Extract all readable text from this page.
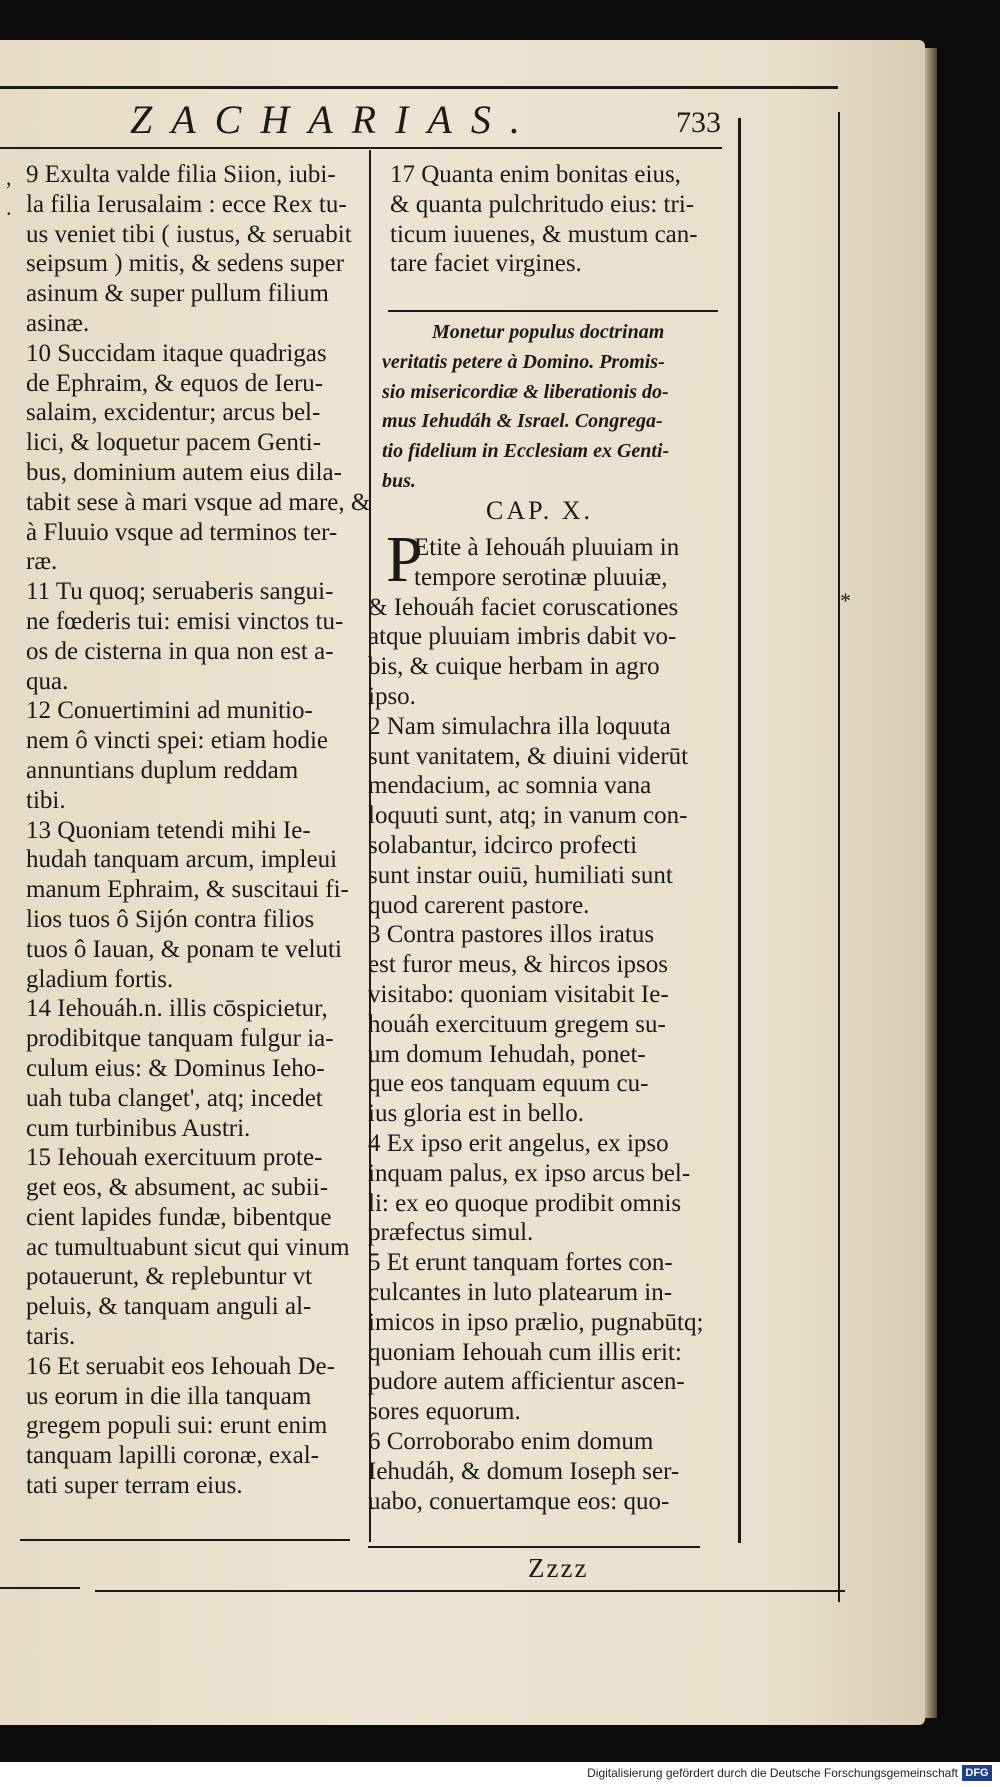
ZACHARIAS.	733
,
.
*
9 Exulta valde filia Siion, iubi-
la filia Ierusalaim : ecce Rex tu-
us veniet tibi ( iustus, & seruabit
seipsum ) mitis, & sedens super
asinum & super pullum filium
asinæ.
10 Succidam itaque quadrigas
de Ephraim, & equos de Ieru-
salaim, excidentur; arcus bel-
lici, & loquetur pacem Genti-
bus, dominium autem eius dila-
tabit sese à mari vsque ad mare, &
à Fluuio vsque ad terminos ter-
ræ.
11 Tu quoq; seruaberis sangui-
ne fœderis tui: emisi vinctos tu-
os de cisterna in qua non est a-
qua.
12 Conuertimini ad munitio-
nem ô vincti spei: etiam hodie
annuntians duplum reddam
tibi.
13 Quoniam tetendi mihi Ie-
hudah tanquam arcum, impleui
manum Ephraim, & suscitaui fi-
lios tuos ô Sijón contra filios
tuos ô Iauan, & ponam te veluti
gladium fortis.
14 Iehouáh.n. illis cōspicietur,
prodibitque tanquam fulgur ia-
culum eius: & Dominus Ieho-
uah tuba clanget', atq; incedet
cum turbinibus Austri.
15 Iehouah exercituum prote-
get eos, & absument, ac subii-
cient lapides fundæ, bibentque
ac tumultuabunt sicut qui vinum
potauerunt, & replebuntur vt
peluis, & tanquam anguli al-
taris.
16 Et seruabit eos Iehouah De-
us eorum in die illa tanquam
gregem populi sui: erunt enim
tanquam lapilli coronæ, exal-
tati super terram eius.
17 Quanta enim bonitas eius,
& quanta pulchritudo eius: tri-
ticum iuuenes, & mustum can-
tare faciet virgines.
Monetur populus doctrinam
veritatis petere à Domino. Promis-
sio misericordiæ & liberationis do-
mus Iehudáh & Israel. Congrega-
tio fidelium in Ecclesiam ex Genti-
bus.
CAP. X.
P
Etite à Iehouáh pluuiam in
tempore serotinæ pluuiæ,
& Iehouáh faciet coruscationes
atque pluuiam imbris dabit vo-
bis, & cuique herbam in agro
ipso.
2 Nam simulachra illa loquuta
sunt vanitatem, & diuini viderūt
mendacium, ac somnia vana
loquuti sunt, atq; in vanum con-
solabantur, idcirco profecti
sunt instar ouiū, humiliati sunt
quod carerent pastore.
3 Contra pastores illos iratus
est furor meus, & hircos ipsos
visitabo: quoniam visitabit Ie-
houáh exercituum gregem su-
um domum Iehudah, ponet-
que eos tanquam equum cu-
ius gloria est in bello.
4 Ex ipso erit angelus, ex ipso
inquam palus, ex ipso arcus bel-
li: ex eo quoque prodibit omnis
præfectus simul.
5 Et erunt tanquam fortes con-
culcantes in luto platearum in-
imicos in ipso prælio, pugnabūtq;
quoniam Iehouah cum illis erit:
pudore autem afficientur ascen-
sores equorum.
6 Corroborabo enim domum
Iehudáh, & domum Ioseph ser-
uabo, conuertamque eos: quo-
Zzzz
Digitalisierung gefördert durch die Deutsche Forschungsgemeinschaft DFG
